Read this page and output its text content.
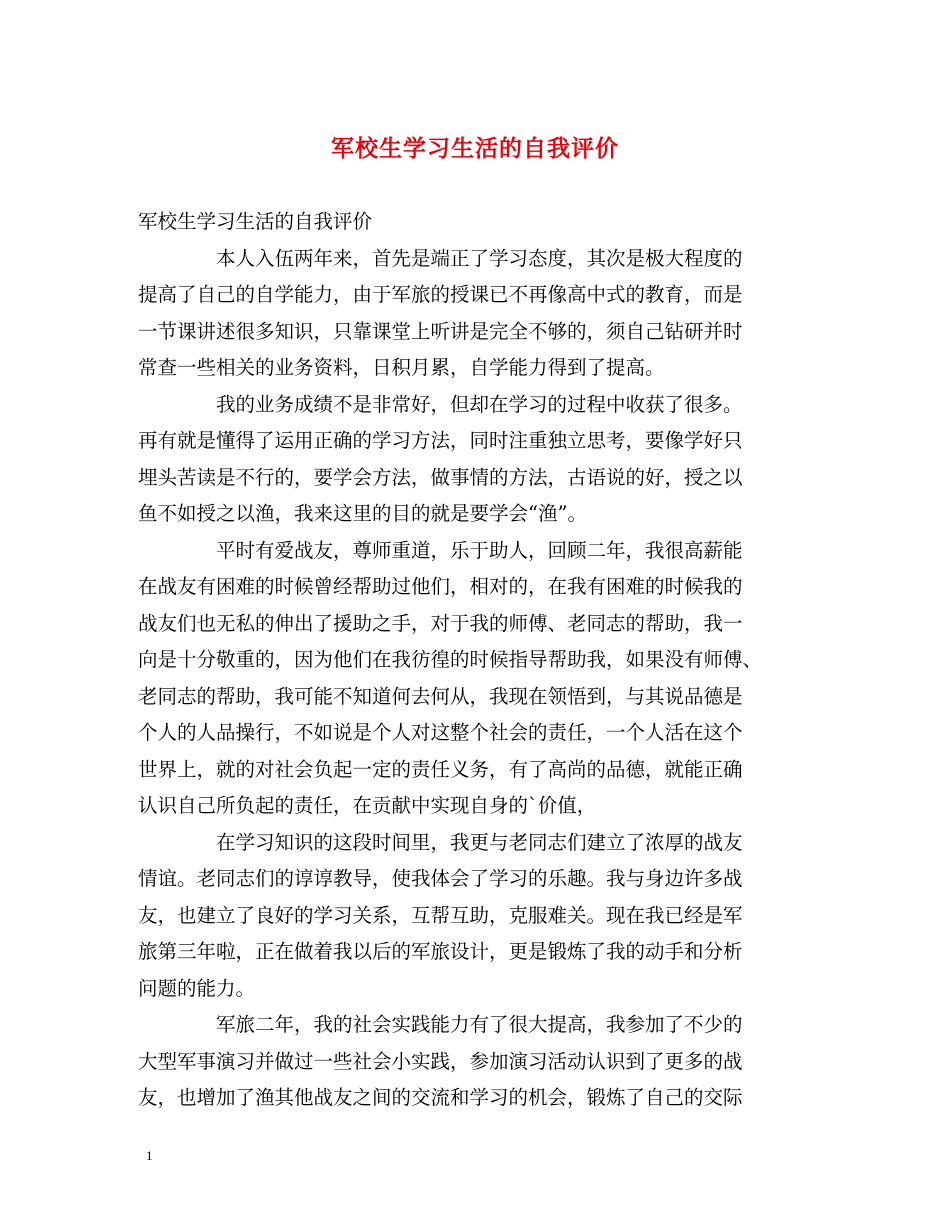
军校生学习生活的自我评价
军校生学习生活的自我评价
本人入伍两年来，首先是端正了学习态度，其次是极大程度的
提高了自己的自学能力，由于军旅的授课已不再像高中式的教育，而是
一节课讲述很多知识，只靠课堂上听讲是完全不够的，须自己钻研并时
常查一些相关的业务资料，日积月累，自学能力得到了提高。
我的业务成绩不是非常好，但却在学习的过程中收获了很多。
再有就是懂得了运用正确的学习方法，同时注重独立思考，要像学好只
埋头苦读是不行的，要学会方法，做事情的方法，古语说的好，授之以
鱼不如授之以渔，我来这里的目的就是要学会“渔”。
平时有爱战友，尊师重道，乐于助人，回顾二年，我很高薪能
在战友有困难的时候曾经帮助过他们，相对的，在我有困难的时候我的
战友们也无私的伸出了援助之手，对于我的师傅、老同志的帮助，我一
向是十分敬重的，因为他们在我彷徨的时候指导帮助我，如果没有师傅、
老同志的帮助，我可能不知道何去何从，我现在领悟到，与其说品德是
个人的人品操行，不如说是个人对这整个社会的责任，一个人活在这个
世界上，就的对社会负起一定的责任义务，有了高尚的品德，就能正确
认识自己所负起的责任，在贡献中实现自身的`价值，
在学习知识的这段时间里，我更与老同志们建立了浓厚的战友
情谊。老同志们的谆谆教导，使我体会了学习的乐趣。我与身边许多战
友，也建立了良好的学习关系，互帮互助，克服难关。现在我已经是军
旅第三年啦，正在做着我以后的军旅设计，更是锻炼了我的动手和分析
问题的能力。
军旅二年，我的社会实践能力有了很大提高，我参加了不少的
大型军事演习并做过一些社会小实践，参加演习活动认识到了更多的战
友，也增加了渔其他战友之间的交流和学习的机会，锻炼了自己的交际
1
